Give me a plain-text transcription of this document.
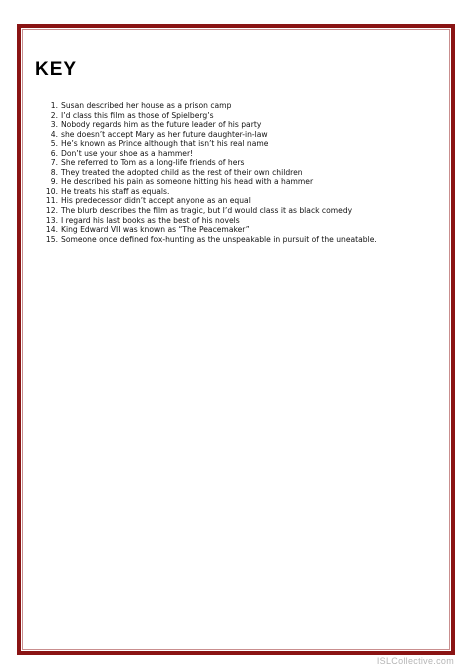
KEY
1. Susan described her house as a prison camp
2. I’d class this film as those of Spielberg’s
3. Nobody regards him as the future leader of his party
4. she doesn’t accept Mary as her future daughter-in-law
5. He’s known as Prince although that isn’t his real name
6. Don’t use your shoe as a hammer!
7. She referred to Tom as a long-life friends of hers
8. They treated the adopted child as the rest of their own children
9. He described his pain as someone hitting his head with a hammer
10. He treats his staff as equals.
11. His predecessor didn’t accept anyone as an equal
12. The blurb describes the film as tragic, but I’d would class it as black comedy
13. I regard his last books as the best of his novels
14. King Edward VII was known as “The Peacemaker”
15. Someone once defined fox-hunting as the unspeakable in pursuit of the uneatable.
ISLCollective.com
